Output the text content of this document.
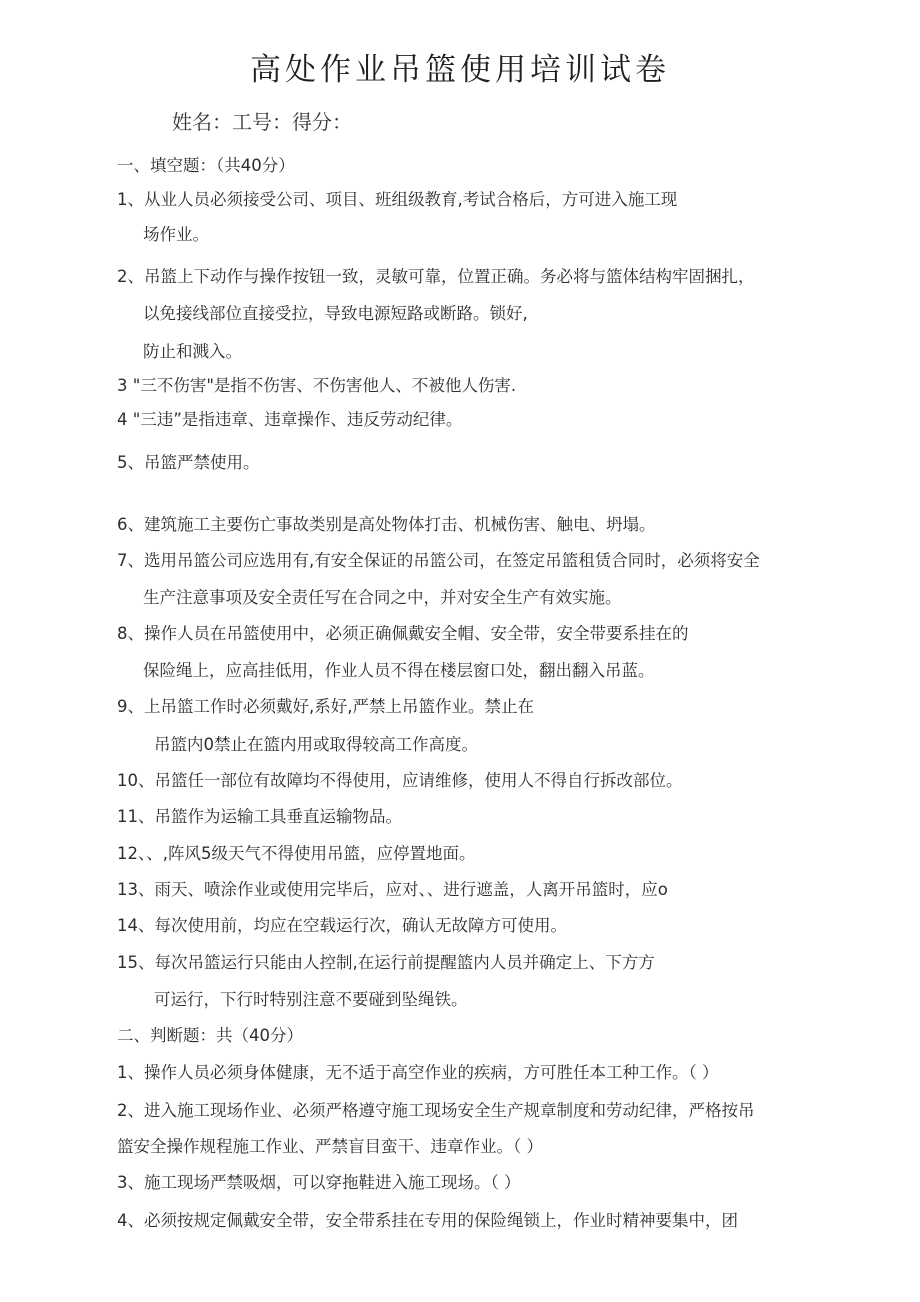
高处作业吊篮使用培训试卷
姓名：工号：得分：
一、填空题：（共40分）
1、从业人员必须接受公司、项目、班组级教育,考试合格后，方可进入施工现
场作业。
2、吊篮上下动作与操作按钮一致，灵敏可靠，位置正确。务必将与篮体结构牢固捆扎，
以免接线部位直接受拉，导致电源短路或断路。锁好,
防止和溅入。
3 "三不伤害"是指不伤害、不伤害他人、不被他人伤害.
4 "三违”是指违章、违章操作、违反劳动纪律。
5、吊篮严禁使用。
6、建筑施工主要伤亡事故类别是高处物体打击、机械伤害、触电、坍塌。
7、选用吊篮公司应选用有,有安全保证的吊篮公司，在签定吊篮租赁合同时，必须将安全
生产注意事项及安全责任写在合同之中，并对安全生产有效实施。
8、操作人员在吊篮使用中，必须正确佩戴安全帽、安全带，安全带要系挂在的
保险绳上，应高挂低用，作业人员不得在楼层窗口处，翻出翻入吊蓝。
9、上吊篮工作时必须戴好,系好,严禁上吊篮作业。禁止在
吊篮内0禁止在篮内用或取得较高工作高度。
10、吊篮任一部位有故障均不得使用，应请维修，使用人不得自行拆改部位。
11、吊篮作为运输工具垂直运输物品。
12、、,阵风5级天气不得使用吊篮，应停置地面。
13、雨天、喷涂作业或使用完毕后，应对、、进行遮盖，人离开吊篮时，应o
14、每次使用前，均应在空载运行次，确认无故障方可使用。
15、每次吊篮运行只能由人控制,在运行前提醒篮内人员并确定上、下方方
可运行，下行时特别注意不要碰到坠绳铁。
二、判断题：共（40分）
1、操作人员必须身体健康，无不适于高空作业的疾病，方可胜任本工种工作。（ ）
2、进入施工现场作业、必须严格遵守施工现场安全生产规章制度和劳动纪律，严格按吊
篮安全操作规程施工作业、严禁盲目蛮干、违章作业。（ ）
3、施工现场严禁吸烟，可以穿拖鞋进入施工现场。（ ）
4、必须按规定佩戴安全带，安全带系挂在专用的保险绳锁上，作业时精神要集中，团
